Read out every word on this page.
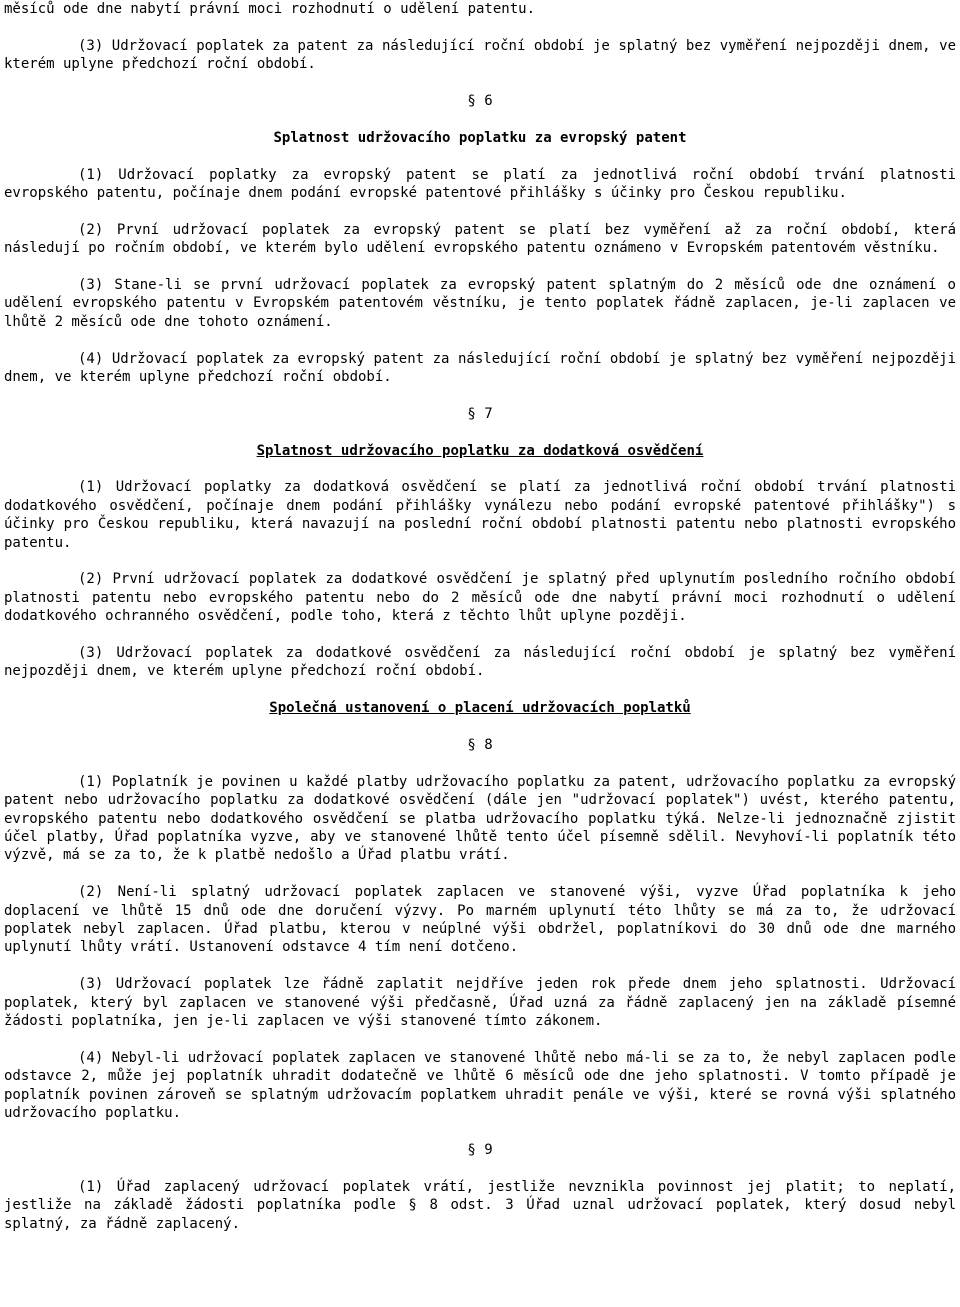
měsíců ode dne nabytí právní moci rozhodnutí o udělení patentu.

(3) Udržovací poplatek za patent za následující roční období je splatný bez vyměření nejpozději dnem, ve kterém uplyne předchozí roční období.

§ 6

Splatnost udržovacího poplatku za evropský patent

(1) Udržovací poplatky za evropský patent se platí za jednotlivá roční období trvání platnosti evropského patentu, počínaje dnem podání evropské patentové přihlášky s účinky pro Českou republiku.

(2) První udržovací poplatek za evropský patent se platí bez vyměření až za roční období, která následují po ročním období, ve kterém bylo udělení evropského patentu oznámeno v Evropském patentovém věstníku.

(3) Stane-li se první udržovací poplatek za evropský patent splatným do 2 měsíců ode dne oznámení o udělení evropského patentu v Evropském patentovém věstníku, je tento poplatek řádně zaplacen, je-li zaplacen ve lhůtě 2 měsíců ode dne tohoto oznámení.

(4) Udržovací poplatek za evropský patent za následující roční období je splatný bez vyměření nejpozději dnem, ve kterém uplyne předchozí roční období.

§ 7

Splatnost udržovacího poplatku za dodatková osvědčení

(1) Udržovací poplatky za dodatková osvědčení se platí za jednotlivá roční období trvání platnosti dodatkového osvědčení, počínaje dnem podání přihlášky vynálezu nebo podání evropské patentové přihlášky") s účinky pro Českou republiku, která navazují na poslední roční období platnosti patentu nebo platnosti evropského patentu.

(2) První udržovací poplatek za dodatkové osvědčení je splatný před uplynutím posledního ročního období platnosti patentu nebo evropského patentu nebo do 2 měsíců ode dne nabytí právní moci rozhodnutí o udělení dodatkového ochranného osvědčení, podle toho, která z těchto lhůt uplyne později.

(3) Udržovací poplatek za dodatkové osvědčení za následující roční období je splatný bez vyměření nejpozději dnem, ve kterém uplyne předchozí roční období.

Společná ustanovení o placení udržovacích poplatků

§ 8

(1) Poplatník je povinen u každé platby udržovacího poplatku za patent, udržovacího poplatku za evropský patent nebo udržovacího poplatku za dodatkové osvědčení (dále jen "udržovací poplatek") uvést, kterého patentu, evropského patentu nebo dodatkového osvědčení se platba udržovacího poplatku týká. Nelze-li jednoznačně zjistit účel platby, Úřad poplatníka vyzve, aby ve stanovené lhůtě tento účel písemně sdělil. Nevyhoví-li poplatník této výzvě, má se za to, že k platbě nedošlo a Úřad platbu vrátí.

(2) Není-li splatný udržovací poplatek zaplacen ve stanovené výši, vyzve Úřad poplatníka k jeho doplacení ve lhůtě 15 dnů ode dne doručení výzvy. Po marném uplynutí této lhůty se má za to, že udržovací poplatek nebyl zaplacen. Úřad platbu, kterou v neúplné výši obdržel, poplatníkovi do 30 dnů ode dne marného uplynutí lhůty vrátí. Ustanovení odstavce 4 tím není dotčeno.

(3) Udržovací poplatek lze řádně zaplatit nejdříve jeden rok přede dnem jeho splatnosti. Udržovací poplatek, který byl zaplacen ve stanovené výši předčasně, Úřad uzná za řádně zaplacený jen na základě písemné žádosti poplatníka, jen je-li zaplacen ve výši stanovené tímto zákonem.

(4) Nebyl-li udržovací poplatek zaplacen ve stanovené lhůtě nebo má-li se za to, že nebyl zaplacen podle odstavce 2, může jej poplatník uhradit dodatečně ve lhůtě 6 měsíců ode dne jeho splatnosti. V tomto případě je poplatník povinen zároveň se splatným udržovacím poplatkem uhradit penále ve výši, které se rovná výši splatného udržovacího poplatku.

§ 9

(1) Úřad zaplacený udržovací poplatek vrátí, jestliže nevznikla povinnost jej platit; to neplatí, jestliže na základě žádosti poplatníka podle § 8 odst. 3 Úřad uznal udržovací poplatek, který dosud nebyl splatný, za řádně zaplacený.
